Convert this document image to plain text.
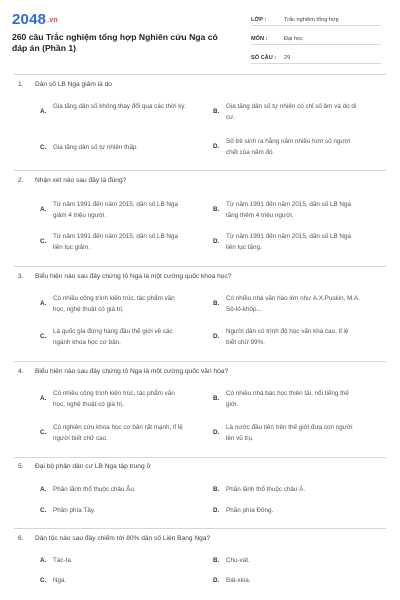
$2048^{.vn}$
260 câu Trắc nghiệm tổng hợp Nghiên cứu Nga có đáp án (Phần 1)
LỚP :	Trắc nghiệm tổng hợp
MÔN :	Đại học
SỐ CÂU :	29
1.	Dân số LB Nga giảm là do
A.
Gia tăng dân số không thay đổi qua các thời kỳ.
B.
Gia tăng dân số tự nhiên có chỉ số âm và do di cư.
C.	Gia tăng dân số tự nhiên thấp.	D.
Số trẻ sinh ra hằng năm nhiều hơn số người chết của năm đó.
2.	Nhận xét nào sau đây là đúng?
A.
Từ năm 1991 đến năm 2015, dân số LB Nga giảm 4 triệu người.
B.
Từ năm 1991 đến năm 2015, dân số LB Nga tăng thêm 4 triệu người.
C.
Từ năm 1991 đến năm 2015, dân số LB Nga liên tục giảm.
D.
Từ năm 1991 đến năm 2015, dân số LB Nga liên tục tăng.
3.	Biểu hiện nào sau đây chứng tỏ Nga là một cường quốc khoa học?
A.
Có nhiều công trình kiến trúc, tác phẩm văn học, nghệ thuật có giá trị.
B.
Có nhiều nhà văn hào lớn như A.X.Puskin, M.A. Sô-lô-khốp...
C.
Là quốc gia đứng hàng đầu thế giới về các ngành khoa học cơ bản.
D.
Người dân có trình độ học vấn khá cao, tỉ lệ biết chữ 99%.
4.	Biểu hiện nào sau đây chứng tỏ Nga là một cường quốc văn hóa?
A.
Có nhiều công trình kiến trúc, tác phẩm văn học, nghệ thuật có giá trị.
B.
Có nhiều nhà bác học thiên tài, nổi tiếng thế giới.
C.
Có nghiên cứu khoa học cơ bản rất mạnh, tỉ lệ người biết chữ cao.
D.
Là nước đầu tiên trên thế giới đưa con người lên vũ trụ.
5.	Đại bộ phận dân cư LB Nga tập trung ở
A.	Phần lãnh thổ thuộc châu Âu.	B.	Phần lãnh thổ thuộc châu Á.
C.	Phần phía Tây.	D.	Phần phía Đông.
6.	Dân tộc nào sau đây chiếm tới 80% dân số Liên Bang Nga?
A.	Tác-ta.	B.	Chu-vát.
C.	Nga.	D.	Bát-xkia.
